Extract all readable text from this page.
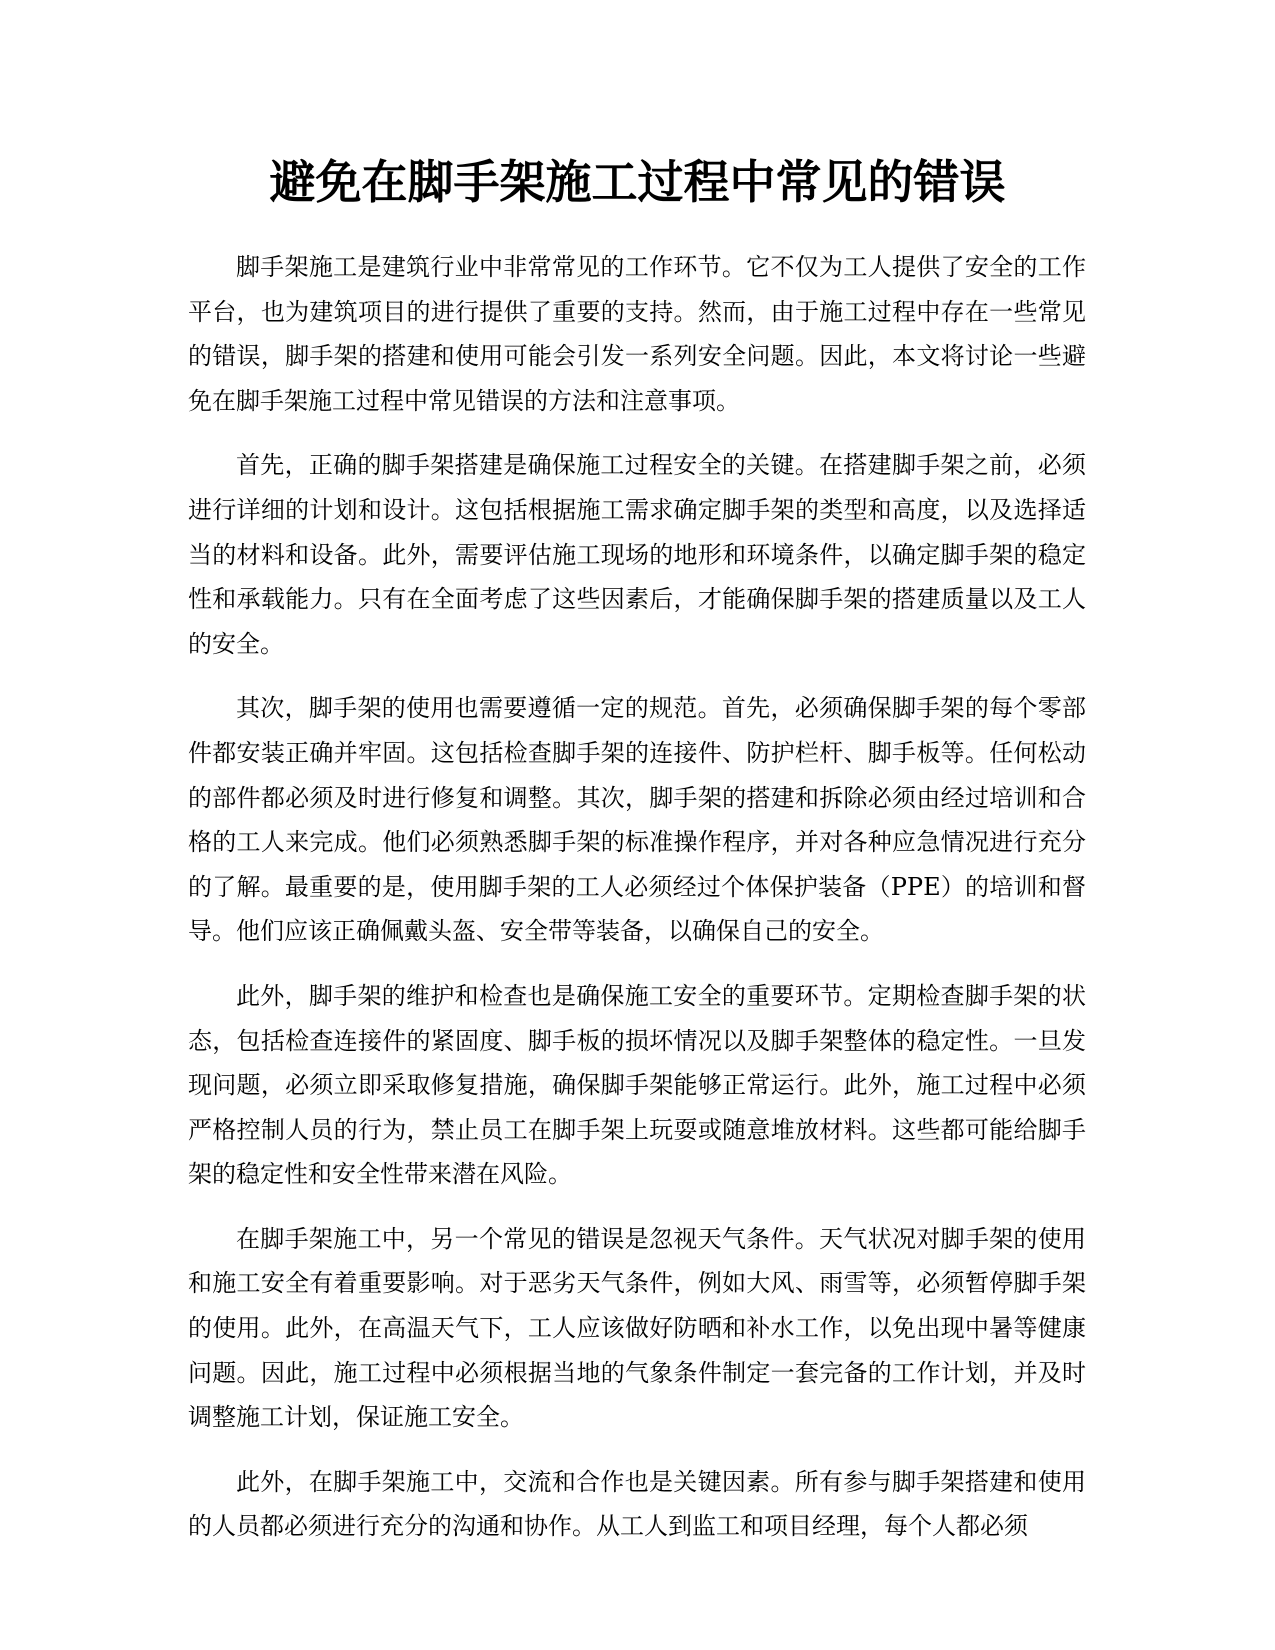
避免在脚手架施工过程中常见的错误

脚手架施工是建筑行业中非常常见的工作环节。它不仅为工人提供了安全的工作平台，也为建筑项目的进行提供了重要的支持。然而，由于施工过程中存在一些常见的错误，脚手架的搭建和使用可能会引发一系列安全问题。因此，本文将讨论一些避免在脚手架施工过程中常见错误的方法和注意事项。

首先，正确的脚手架搭建是确保施工过程安全的关键。在搭建脚手架之前，必须进行详细的计划和设计。这包括根据施工需求确定脚手架的类型和高度，以及选择适当的材料和设备。此外，需要评估施工现场的地形和环境条件，以确定脚手架的稳定性和承载能力。只有在全面考虑了这些因素后，才能确保脚手架的搭建质量以及工人的安全。

其次，脚手架的使用也需要遵循一定的规范。首先，必须确保脚手架的每个零部件都安装正确并牢固。这包括检查脚手架的连接件、防护栏杆、脚手板等。任何松动的部件都必须及时进行修复和调整。其次，脚手架的搭建和拆除必须由经过培训和合格的工人来完成。他们必须熟悉脚手架的标准操作程序，并对各种应急情况进行充分的了解。最重要的是，使用脚手架的工人必须经过个体保护装备（PPE）的培训和督导。他们应该正确佩戴头盔、安全带等装备，以确保自己的安全。

此外，脚手架的维护和检查也是确保施工安全的重要环节。定期检查脚手架的状态，包括检查连接件的紧固度、脚手板的损坏情况以及脚手架整体的稳定性。一旦发现问题，必须立即采取修复措施，确保脚手架能够正常运行。此外，施工过程中必须严格控制人员的行为，禁止员工在脚手架上玩耍或随意堆放材料。这些都可能给脚手架的稳定性和安全性带来潜在风险。

在脚手架施工中，另一个常见的错误是忽视天气条件。天气状况对脚手架的使用和施工安全有着重要影响。对于恶劣天气条件，例如大风、雨雪等，必须暂停脚手架的使用。此外，在高温天气下，工人应该做好防晒和补水工作，以免出现中暑等健康问题。因此，施工过程中必须根据当地的气象条件制定一套完备的工作计划，并及时调整施工计划，保证施工安全。

此外，在脚手架施工中，交流和合作也是关键因素。所有参与脚手架搭建和使用的人员都必须进行充分的沟通和协作。从工人到监工和项目经理，每个人都必须
